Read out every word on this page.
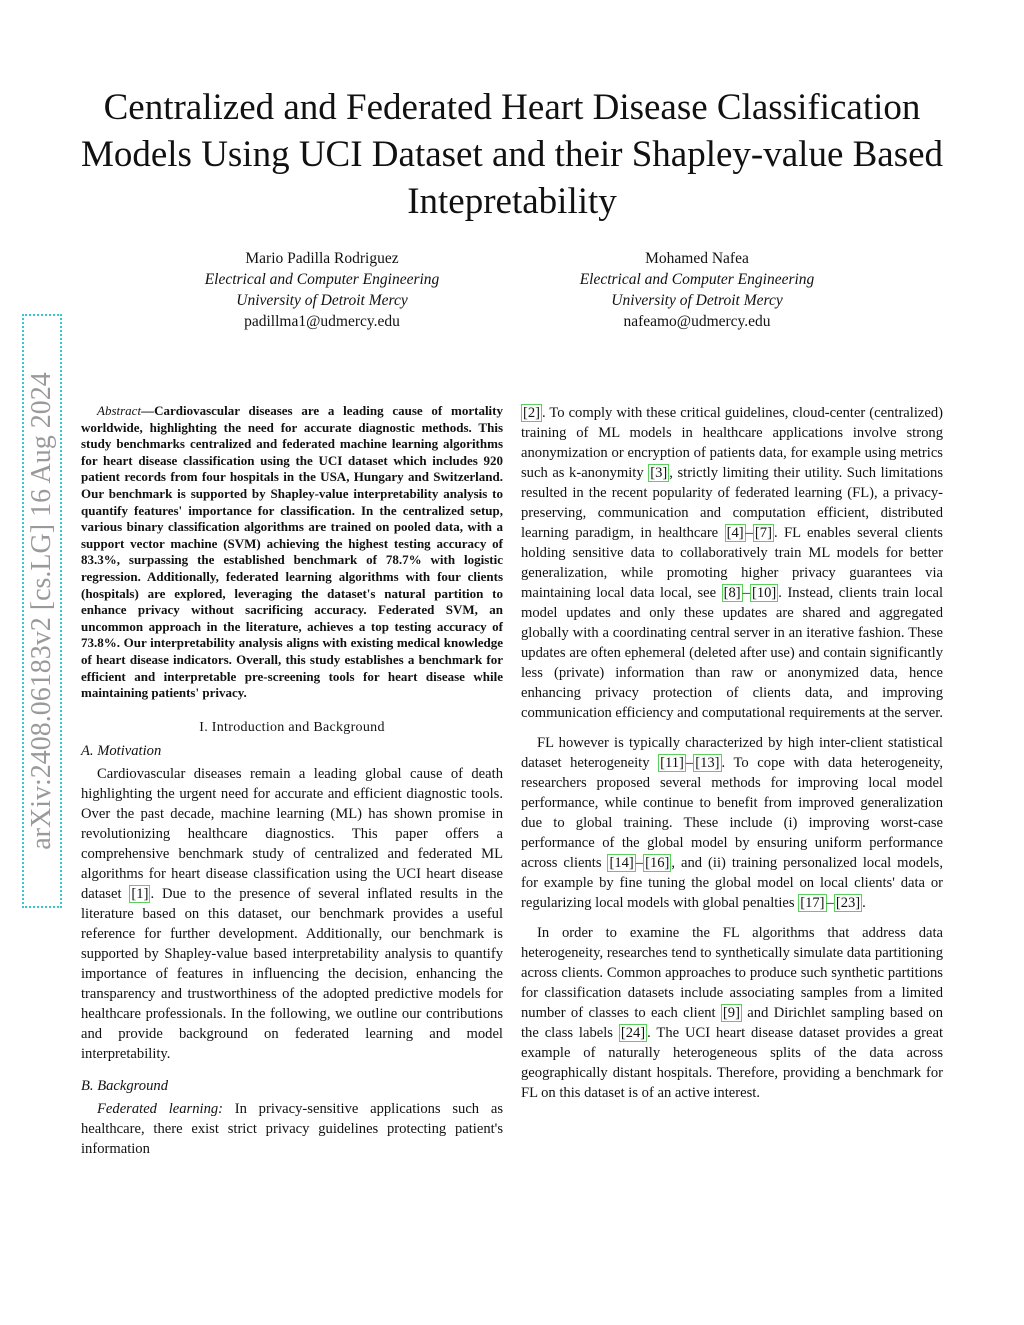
Centralized and Federated Heart Disease Classification Models Using UCI Dataset and their Shapley-value Based Intepretability
Mario Padilla Rodriguez
Electrical and Computer Engineering
University of Detroit Mercy
padillma1@udmercy.edu
Mohamed Nafea
Electrical and Computer Engineering
University of Detroit Mercy
nafeamo@udmercy.edu
arXiv:2408.06183v2 [cs.LG] 16 Aug 2024	Abstract—Cardiovascular diseases are a leading cause of mortality worldwide, highlighting the need for accurate diagnostic methods. This study benchmarks centralized and federated machine learning algorithms for heart disease classification using the UCI dataset which includes 920 patient records from four hospitals in the USA, Hungary and Switzerland. Our benchmark is supported by Shapley-value interpretability analysis to quantify features' importance for classification. In the centralized setup, various binary classification algorithms are trained on pooled data, with a support vector machine (SVM) achieving the highest testing accuracy of 83.3%, surpassing the established benchmark of 78.7% with logistic regression. Additionally, federated learning algorithms with four clients (hospitals) are explored, leveraging the dataset's natural partition to enhance privacy without sacrificing accuracy. Federated SVM, an uncommon approach in the literature, achieves a top testing accuracy of 73.8%. Our interpretability analysis aligns with existing medical knowledge of heart disease indicators. Overall, this study establishes a benchmark for efficient and interpretable pre-screening tools for heart disease while maintaining patients' privacy.

I. Introduction and Background

A. Motivation

Cardiovascular diseases remain a leading global cause of death highlighting the urgent need for accurate and efficient diagnostic tools. Over the past decade, machine learning (ML) has shown promise in revolutionizing healthcare diagnostics. This paper offers a comprehensive benchmark study of centralized and federated ML algorithms for heart disease classification using the UCI heart disease dataset [1] . Due to the presence of several inflated results in the literature based on this dataset, our benchmark provides a useful reference for further development. Additionally, our benchmark is supported by Shapley-value based interpretability analysis to quantify importance of features in influencing the decision, enhancing the transparency and trustworthiness of the adopted predictive models for healthcare professionals. In the following, we outline our contributions and provide background on federated learning and model interpretability.

B. Background

Federated learning: In privacy-sensitive applications such as healthcare, there exist strict privacy guidelines protecting patient's information

[2] . To comply with these critical guidelines, cloud-center (centralized) training of ML models in healthcare applications involve strong anonymization or encryption of patients data, for example using metrics such as k-anonymity [3] , strictly limiting their utility. Such limitations resulted in the recent popularity of federated learning (FL), a privacy-preserving, communication and computation efficient, distributed learning paradigm, in healthcare [4] – [7] . FL enables several clients holding sensitive data to collaboratively train ML models for better generalization, while promoting higher privacy guarantees via maintaining local data local, see [8] – [10] . Instead, clients train local model updates and only these updates are shared and aggregated globally with a coordinating central server in an iterative fashion. These updates are often ephemeral (deleted after use) and contain significantly less (private) information than raw or anonymized data, hence enhancing privacy protection of clients data, and improving communication efficiency and computational requirements at the server.

FL however is typically characterized by high inter-client statistical dataset heterogeneity [11] – [13] . To cope with data heterogeneity, researchers proposed several methods for improving local model performance, while continue to benefit from improved generalization due to global training. These include (i) improving worst-case performance of the global model by ensuring uniform performance across clients [14] – [16] , and (ii) training personalized local models, for example by fine tuning the global model on local clients' data or regularizing local models with global penalties [17] – [23] .

In order to examine the FL algorithms that address data heterogeneity, researches tend to synthetically simulate data partitioning across clients. Common approaches to produce such synthetic partitions for classification datasets include associating samples from a limited number of classes to each client [9] and Dirichlet sampling based on the class labels [24] . The UCI heart disease dataset provides a great example of naturally heterogeneous splits of the data across geographically distant hospitals. Therefore, providing a benchmark for FL on this dataset is of an active interest.
